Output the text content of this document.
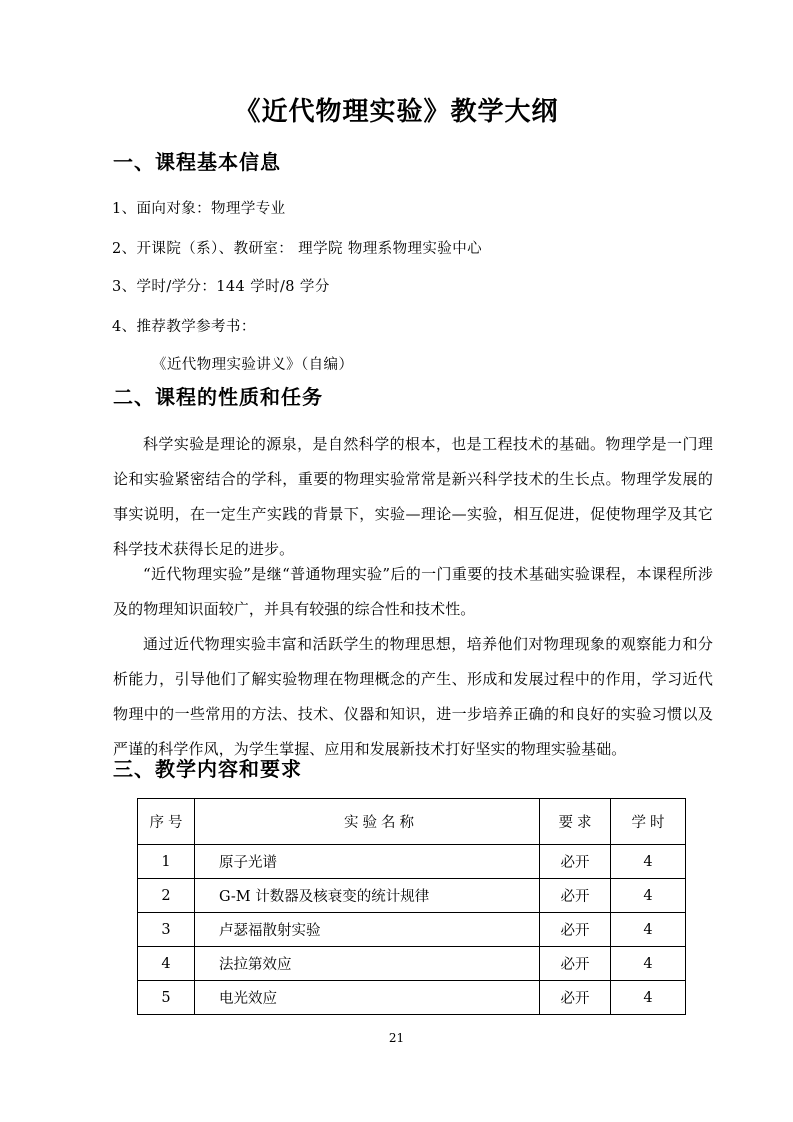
《近代物理实验》教学大纲
一、课程基本信息
1、面向对象：物理学专业
2、开课院（系）、教研室： 理学院 物理系物理实验中心
3、学时/学分：144 学时/8 学分
4、推荐教学参考书：
《近代物理实验讲义》（自编）
二、课程的性质和任务
科学实验是理论的源泉，是自然科学的根本，也是工程技术的基础。物理学是一门理论和实验紧密结合的学科，重要的物理实验常常是新兴科学技术的生长点。物理学发展的事实说明，在一定生产实践的背景下，实验—理论—实验，相互促进，促使物理学及其它科学技术获得长足的进步。
“近代物理实验”是继“普通物理实验”后的一门重要的技术基础实验课程，本课程所涉及的物理知识面较广，并具有较强的综合性和技术性。
通过近代物理实验丰富和活跃学生的物理思想，培养他们对物理现象的观察能力和分析能力，引导他们了解实验物理在物理概念的产生、形成和发展过程中的作用，学习近代物理中的一些常用的方法、技术、仪器和知识，进一步培养正确的和良好的实验习惯以及严谨的科学作风，为学生掌握、应用和发展新技术打好坚实的物理实验基础。
三、教学内容和要求
序号	实验名称	要求	学时
1	原子光谱	必开	4
2	G-M 计数器及核衰变的统计规律	必开	4
3	卢瑟福散射实验	必开	4
4	法拉第效应	必开	4
5	电光效应	必开	4
21
